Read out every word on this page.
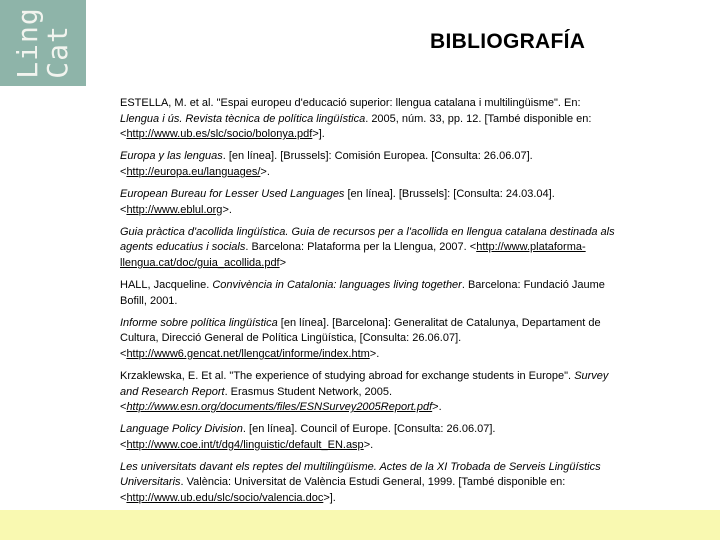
Ling
Cat	BIBLIOGRAFÍA
ESTELLA, M. et al. "Espai europeu d'educació superior: llengua catalana i multilingüisme". En: Llengua i ús. Revista tècnica de política lingüística. 2005, núm. 33, pp. 12. [També disponible en: <http://www.ub.es/slc/socio/bolonya.pdf>].
Europa y las lenguas. [en línea]. [Brussels]: Comisión Europea. [Consulta: 26.06.07]. <http://europa.eu/languages/>.
European Bureau for Lesser Used Languages [en línea]. [Brussels]: [Consulta: 24.03.04]. <http://www.eblul.org>.
Guia pràctica d'acollida lingüística. Guia de recursos per a l'acollida en llengua catalana destinada als agents educatius i socials. Barcelona: Plataforma per la Llengua, 2007. <http://www.plataforma-llengua.cat/doc/guia_acollida.pdf>
HALL, Jacqueline. Convivència in Catalonia: languages living together. Barcelona: Fundació Jaume Bofill, 2001.
Informe sobre política lingüística [en línea]. [Barcelona]: Generalitat de Catalunya, Departament de Cultura, Direcció General de Política Lingüística, [Consulta: 26.06.07]. <http://www6.gencat.net/llengcat/informe/index.htm>.
Krzaklewska, E. Et al. "The experience of studying abroad for exchange students in Europe". Survey and Research Report. Erasmus Student Network, 2005. <http://www.esn.org/documents/files/ESNSurvey2005Report.pdf>.
Language Policy Division. [en línea]. Council of Europe. [Consulta: 26.06.07]. <http://www.coe.int/t/dg4/linguistic/default_EN.asp>.
Les universitats davant els reptes del multilingüisme. Actes de la XI Trobada de Serveis Lingüístics Universitaris. València: Universitat de València Estudi General, 1999. [També disponible en: <http://www.ub.edu/slc/socio/valencia.doc>].
